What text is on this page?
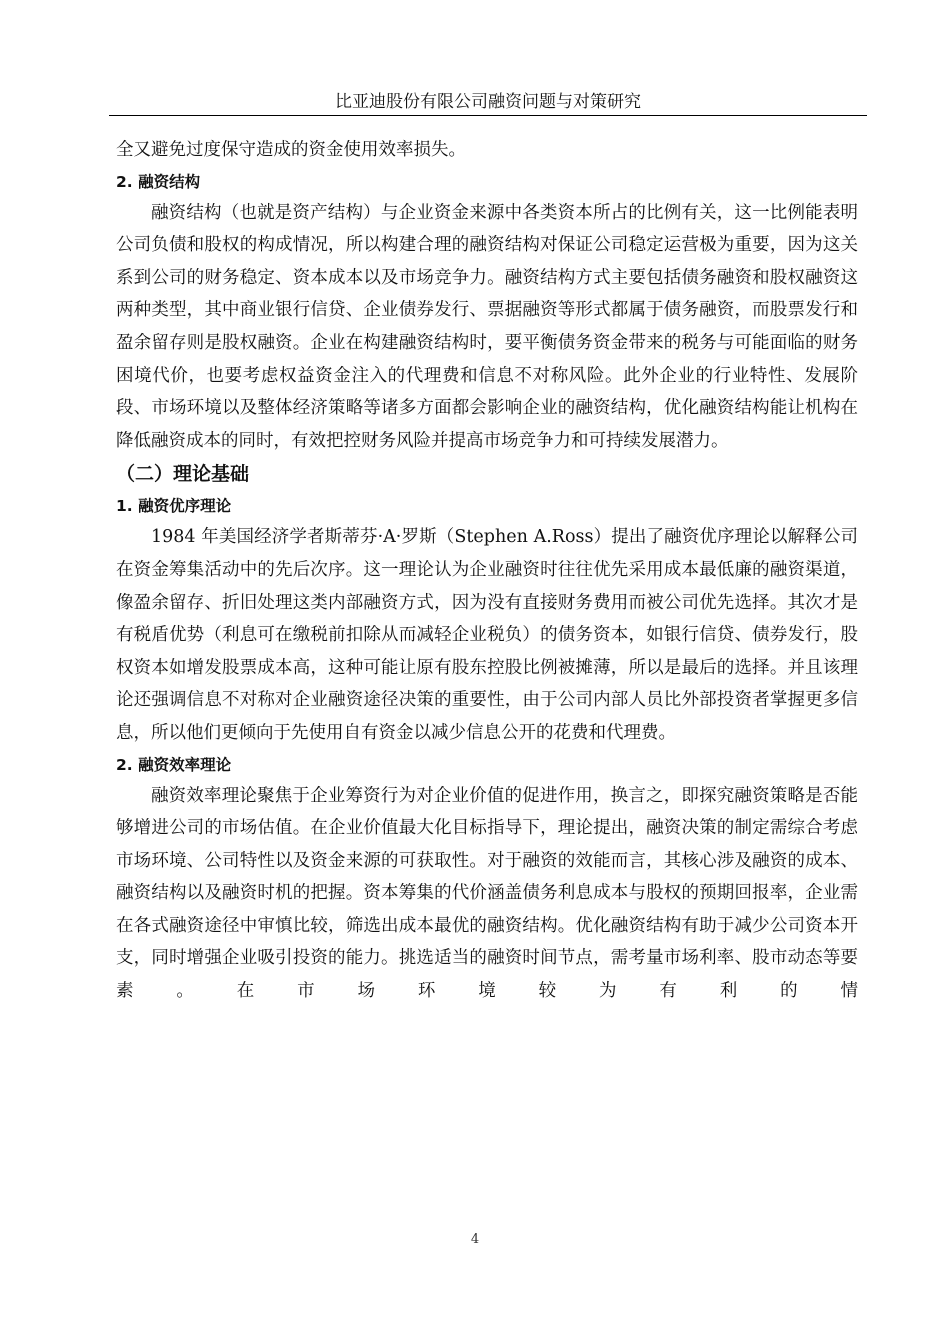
比亚迪股份有限公司融资问题与对策研究

全又避免过度保守造成的资金使用效率损失。

2. 融资结构

融资结构（也就是资产结构）与企业资金来源中各类资本所占的比例有关，这一比例能表明公司负债和股权的构成情况，所以构建合理的融资结构对保证公司稳定运营极为重要，因为这关系到公司的财务稳定、资本成本以及市场竞争力。融资结构方式主要包括债务融资和股权融资这两种类型，其中商业银行信贷、企业债券发行、票据融资等形式都属于债务融资，而股票发行和盈余留存则是股权融资。企业在构建融资结构时，要平衡债务资金带来的税务与可能面临的财务困境代价，也要考虑权益资金注入的代理费和信息不对称风险。此外企业的行业特性、发展阶段、市场环境以及整体经济策略等诸多方面都会影响企业的融资结构，优化融资结构能让机构在降低融资成本的同时，有效把控财务风险并提高市场竞争力和可持续发展潜力。

（二）理论基础

1. 融资优序理论

1984 年美国经济学者斯蒂芬·A·罗斯（Stephen A.Ross）提出了融资优序理论以解释公司在资金筹集活动中的先后次序。这一理论认为企业融资时往往优先采用成本最低廉的融资渠道，像盈余留存、折旧处理这类内部融资方式，因为没有直接财务费用而被公司优先选择。其次才是有税盾优势（利息可在缴税前扣除从而减轻企业税负）的债务资本，如银行信贷、债券发行，股权资本如增发股票成本高，这种可能让原有股东控股比例被摊薄，所以是最后的选择。并且该理论还强调信息不对称对企业融资途径决策的重要性，由于公司内部人员比外部投资者掌握更多信息，所以他们更倾向于先使用自有资金以减少信息公开的花费和代理费。

2. 融资效率理论

融资效率理论聚焦于企业筹资行为对企业价值的促进作用，换言之，即探究融资策略是否能够增进公司的市场估值。在企业价值最大化目标指导下，理论提出，融资决策的制定需综合考虑市场环境、公司特性以及资金来源的可获取性。对于融资的效能而言，其核心涉及融资的成本、融资结构以及融资时机的把握。资本筹集的代价涵盖债务利息成本与股权的预期回报率，企业需在各式融资途径中审慎比较，筛选出成本最优的融资结构。优化融资结构有助于减少公司资本开支，同时增强企业吸引投资的能力。挑选适当的融资时间节点，需考量市场利率、股市动态等要素。在市场环境较为有利的情

4
